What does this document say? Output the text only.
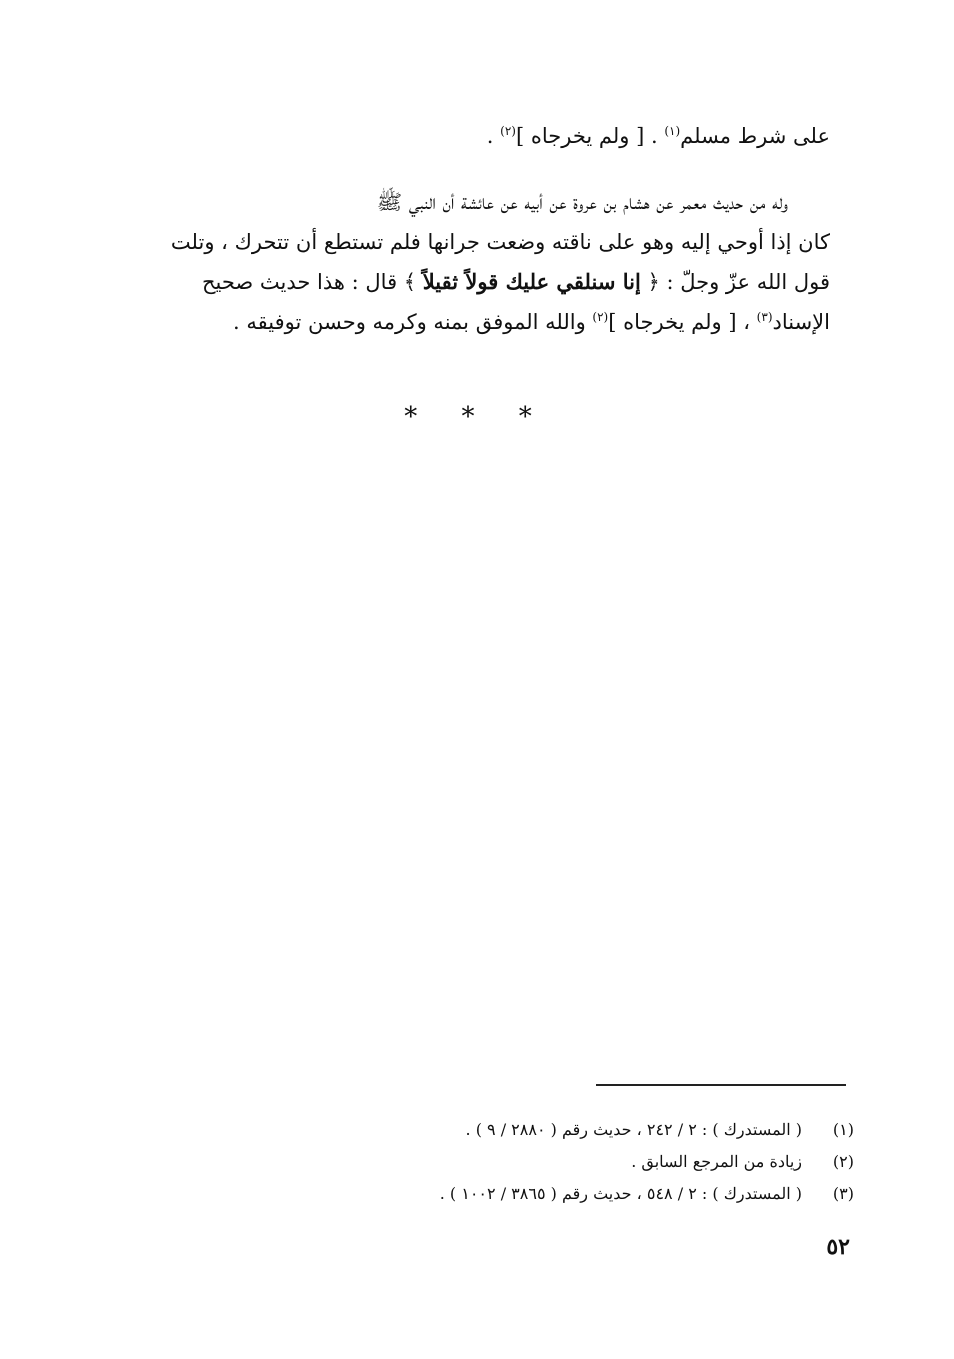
على شرط مسلم$^{(١)}$ . [ ولم يخرجاه ]$^{(٢)}$ .
وله من حديث معمر عن هشام بن عروة عن أبيه عن عائشة أن النبي ﷺ
كان إذا أوحي إليه وهو على ناقته وضعت جرانها فلم تستطع أن تتحرك ، وتلت
قول الله عزّ وجلّ : ﴿ إنا سنلقي عليك قولاً ثقيلاً ﴾ قال : هذا حديث صحيح
الإسناد$^{(٣)}$ ، [ ولم يخرجاه ]$^{(٢)}$ والله الموفق بمنه وكرمه وحسن توفيقه .
* * *
(١)
( المستدرك ) : ٢ / ٢٤٢ ، حديث رقم ( ٢٨٨٠ / ٩ ) .
(٢)
زيادة من المرجع السابق .
(٣)
( المستدرك ) : ٢ / ٥٤٨ ، حديث رقم ( ٣٨٦٥ / ١٠٠٢ ) .
٥٢
